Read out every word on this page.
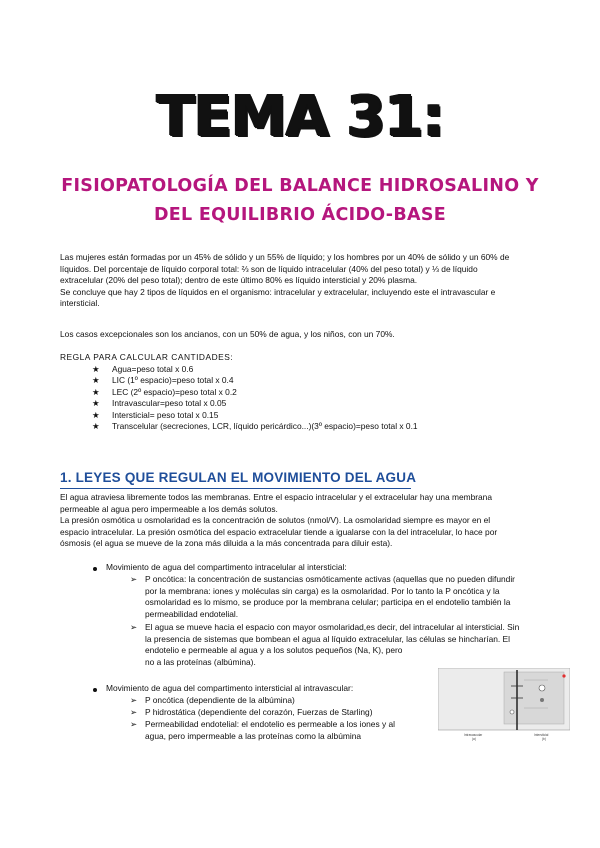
TEMA 31:
FISIOPATOLOGÍA DEL BALANCE HIDROSALINO Y
DEL EQUILIBRIO ÁCIDO-BASE
Las mujeres están formadas por un 45% de sólido y un 55% de líquido; y los hombres por un 40% de sólido y un 60% de
líquidos. Del porcentaje de líquido corporal total: ⅔ son de líquido intracelular (40% del peso total) y ⅓ de líquido
extracelular (20% del peso total); dentro de este último 80% es líquido intersticial y 20% plasma.
Se concluye que hay 2 tipos de líquidos en el organismo: intracelular y extracelular, incluyendo este el intravascular e
intersticial.
Los casos excepcionales son los ancianos, con un 50% de agua, y los niños, con un 70%.
REGLA PARA CALCULAR CANTIDADES:
★ Agua=peso total x 0.6
★ LIC (1º espacio)=peso total x 0.4
★ LEC (2º espacio)=peso total x 0.2
★ Intravascular=peso total x 0.05
★ Intersticial= peso total x 0.15
★ Transcelular (secreciones, LCR, líquido pericárdico...)(3º espacio)=peso total x 0.1
1. LEYES QUE REGULAN EL MOVIMIENTO DEL AGUA
El agua atraviesa libremente todos las membranas. Entre el espacio intracelular y el extracelular hay una membrana
permeable al agua pero impermeable a los demás solutos.
La presión osmótica u osmolaridad es la concentración de solutos (nmol/V). La osmolaridad siempre es mayor en el
espacio intracelular. La presión osmótica del espacio extracelular tiende a igualarse con la del intracelular, lo hace por
ósmosis (el agua se mueve de la zona más diluida a la más concentrada para diluir esta).
Movimiento de agua del compartimento intracelular al intersticial:
➢ P oncótica: la concentración de sustancias osmóticamente activas (aquellas que no pueden difundir
por la membrana: iones y moléculas sin carga) es la osmolaridad. Por lo tanto la P oncótica y la
osmolaridad es lo mismo, se produce por la membrana celular; participa en el endotelio también la
permeabilidad endotelial.
➢ El agua se mueve hacia el espacio con mayor osmolaridad,es decir, del intracelular al intersticial. Sin
la presencia de sistemas que bombean el agua al líquido extracelular, las células se hincharían. El
endotelio e permeable al agua y a los solutos pequeños (Na, K), pero
no a las proteínas (albúmina).
Movimiento de agua del compartimento intersticial al intravascular:
➢ P oncótica (dependiente de la albúmina)
➢ P hidrostática (dependiente del corazón, Fuerzas de Starling)
➢ Permeabilidad endotelial: el endotelio es permeable a los iones y al
agua, pero impermeable a las proteínas como la albúmina	Intravascular
(a)
Intersticial
(b)
